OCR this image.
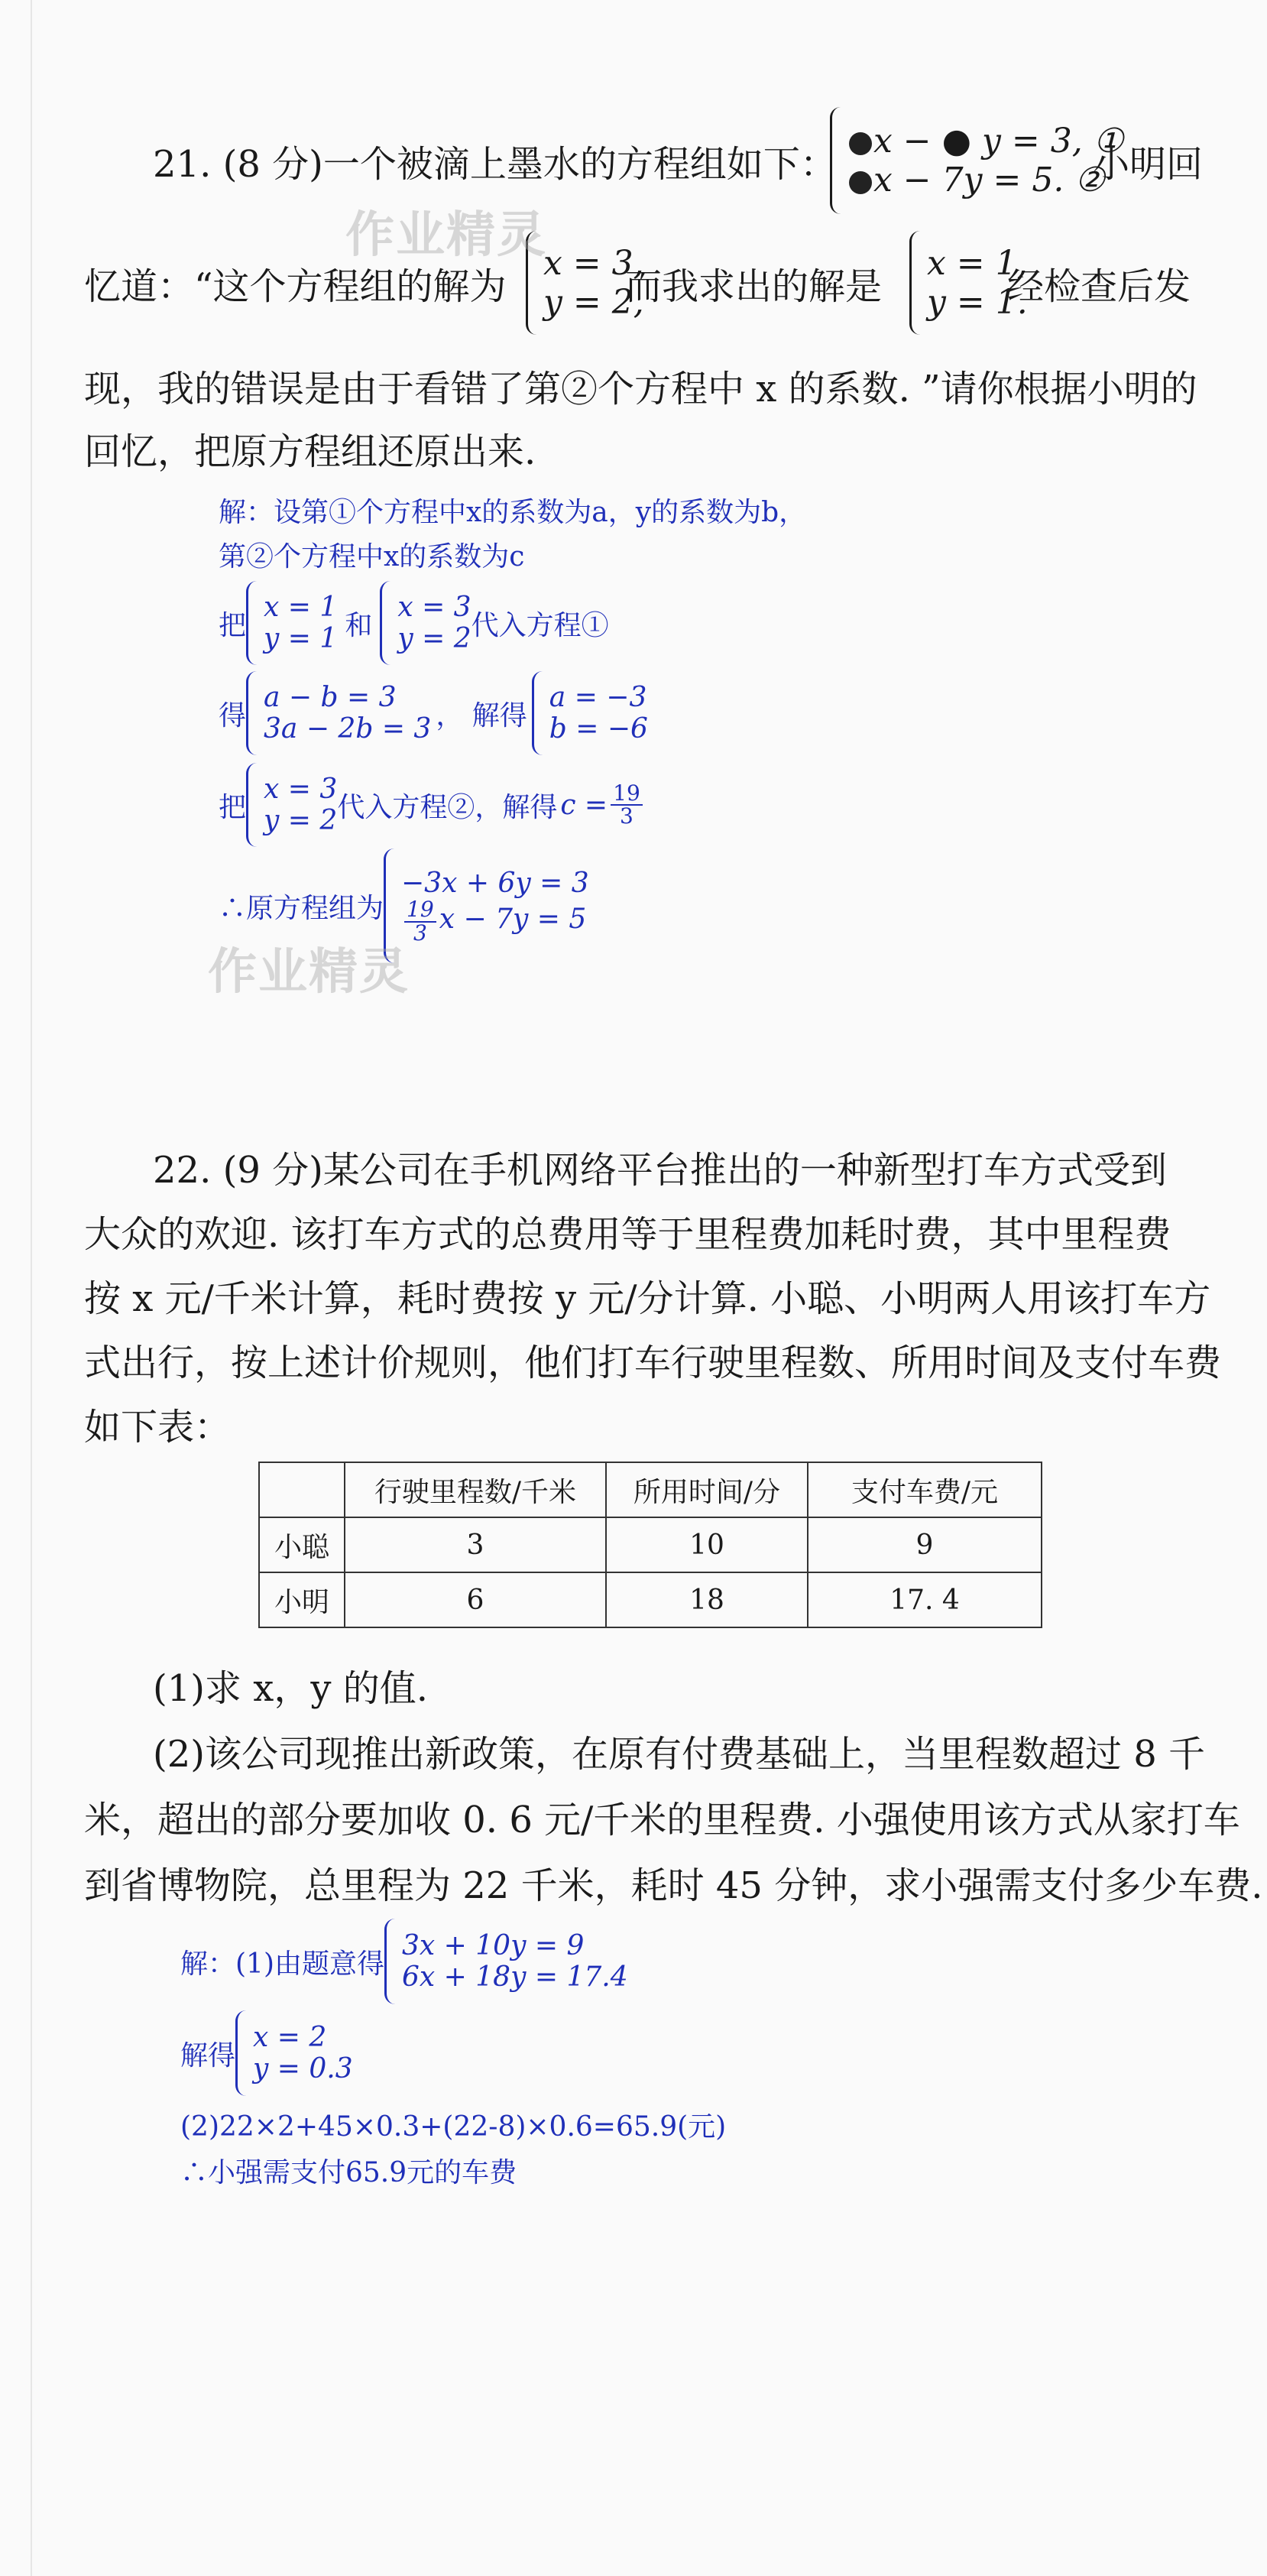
21. (8 分)一个被滴上墨水的方程组如下：
x − ● y = 3, ①
x − 7y = 5. ②
小明回
忆道：“这个方程组的解为
x = 3,
y = 2,
而我求出的解是
x = 1,
y = 1.
经检查后发
现，我的错误是由于看错了第②个方程中 x 的系数. ”请你根据小明的
回忆，把原方程组还原出来.
解：设第①个方程中x的系数为a，y的系数为b，
第②个方程中x的系数为c
把
x = 1
y = 1 和
x = 3
y = 2 代入方程①
得
a − b = 3
3a − 2b = 3 ， 解得
a = −3
b = −6
把
x = 3
y = 2 代入方程②，解得 $c = \frac{19}{3}$
∴原方程组为
−3x + 6y = 3
$\frac{19}{3}$ x − 7y = 5
作业精灵
作业精灵
22. (9 分)某公司在手机网络平台推出的一种新型打车方式受到
大众的欢迎. 该打车方式的总费用等于里程费加耗时费，其中里程费
按 x 元/千米计算，耗时费按 y 元/分计算. 小聪、小明两人用该打车方
式出行，按上述计价规则，他们打车行驶里程数、所用时间及支付车费
如下表：
	行驶里程数/千米	所用时间/分	支付车费/元
小聪	3	10	9
小明	6	18	17. 4
(1)求 x，y 的值.
(2)该公司现推出新政策，在原有付费基础上，当里程数超过 8 千
米，超出的部分要加收 0. 6 元/千米的里程费. 小强使用该方式从家打车
到省博物院，总里程为 22 千米，耗时 45 分钟，求小强需支付多少车费.
解：(1)由题意得
3x + 10y = 9
6x + 18y = 17.4
解得
x = 2
y = 0.3
(2)22×2+45×0.3+(22-8)×0.6=65.9(元)
∴小强需支付65.9元的车费
